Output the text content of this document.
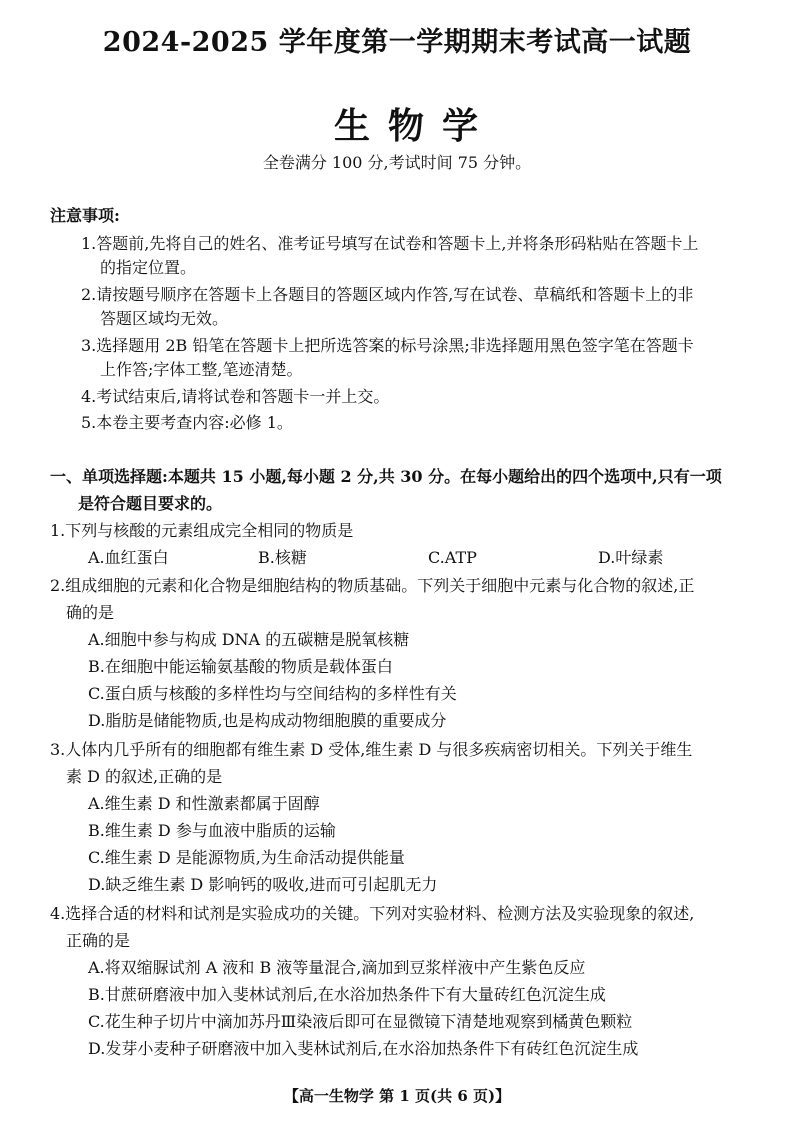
2024-2025 学年度第一学期期末考试高一试题
生物学
全卷满分 100 分,考试时间 75 分钟。
注意事项:
1.答题前,先将自己的姓名、准考证号填写在试卷和答题卡上,并将条形码粘贴在答题卡上
的指定位置。
2.请按题号顺序在答题卡上各题目的答题区域内作答,写在试卷、草稿纸和答题卡上的非
答题区域均无效。
3.选择题用 2B 铅笔在答题卡上把所选答案的标号涂黑;非选择题用黑色签字笔在答题卡
上作答;字体工整,笔迹清楚。
4.考试结束后,请将试卷和答题卡一并上交。
5.本卷主要考查内容:必修 1。
一、单项选择题:本题共 15 小题,每小题 2 分,共 30 分。在每小题给出的四个选项中,只有一项
是符合题目要求的。
1.下列与核酸的元素组成完全相同的物质是
A.血红蛋白	B.核糖	C.ATP	D.叶绿素
2.组成细胞的元素和化合物是细胞结构的物质基础。下列关于细胞中元素与化合物的叙述,正
确的是
A.细胞中参与构成 DNA 的五碳糖是脱氧核糖
B.在细胞中能运输氨基酸的物质是载体蛋白
C.蛋白质与核酸的多样性均与空间结构的多样性有关
D.脂肪是储能物质,也是构成动物细胞膜的重要成分
3.人体内几乎所有的细胞都有维生素 D 受体,维生素 D 与很多疾病密切相关。下列关于维生
素 D 的叙述,正确的是
A.维生素 D 和性激素都属于固醇
B.维生素 D 参与血液中脂质的运输
C.维生素 D 是能源物质,为生命活动提供能量
D.缺乏维生素 D 影响钙的吸收,进而可引起肌无力
4.选择合适的材料和试剂是实验成功的关键。下列对实验材料、检测方法及实验现象的叙述,
正确的是
A.将双缩脲试剂 A 液和 B 液等量混合,滴加到豆浆样液中产生紫色反应
B.甘蔗研磨液中加入斐林试剂后,在水浴加热条件下有大量砖红色沉淀生成
C.花生种子切片中滴加苏丹Ⅲ染液后即可在显微镜下清楚地观察到橘黄色颗粒
D.发芽小麦种子研磨液中加入斐林试剂后,在水浴加热条件下有砖红色沉淀生成
【高一生物学 第 1 页(共 6 页)】
